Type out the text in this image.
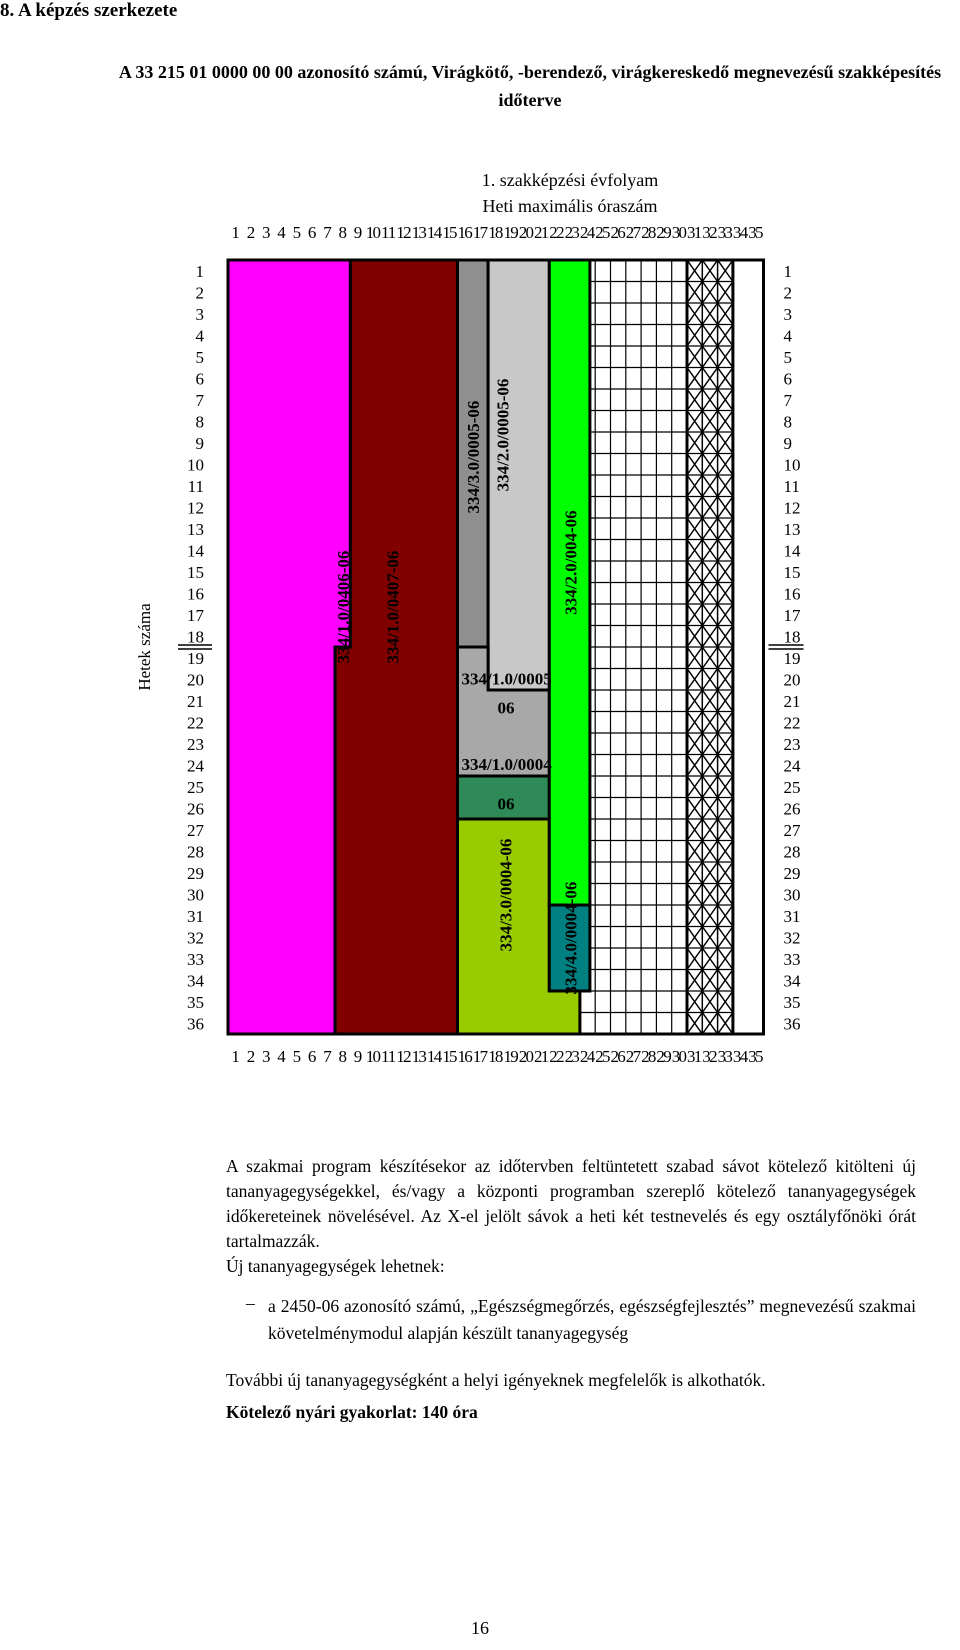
8. A képzés szerkezete
A 33 215 01 0000 00 00 azonosító számú, Virágkötő, -berendező, virágkereskedő megnevezésű szakképesítés időterve
1. szakképzési évfolyam
Heti maximális óraszám
334/1.0/0406-06 334/1.0/0407-06
334/3.0/0005-06 334/2.0/0005-06
334/2.0/004-06
334/3.0/0004-06	334/4.0/0004-06
334/1.0/0005
06
334/1.0/0004
06
1
1
2
2
3
3
4
4
5
5
6
6
7
7
8
8
9
9
10
10
11
11
12
12
13
13
14
14
15
15
16
16
17
17
18
18
19
19
20
20
21
21
22
22
23
23
24
24
25
25
26
26
27
27
28
28
29
29
30
30
31
31
32
32
33
33
34
34
35
35
1	1
2	2
3	3
4	4
5	5
6	6
7	7
8	8
9	9
10	10
11	11
12	12
13	13
14	14
15	15
16	16
17	17
18	18
19	19
20	20
21	21
22	22
23	23
24	24
25	25
26	26
27	27
28	28
29	29
30	30
31	31
32	32
33	33
34	34
35	35
36	36
Hetek száma
A szakmai program készítésekor az időtervben feltüntetett szabad sávot kötelező kitölteni új tananyagegységekkel, és/vagy a központi programban szereplő kötelező tananyagegységek időkereteinek növelésével. Az X-el jelölt sávok a heti két testnevelés és egy osztályfőnöki órát tartalmazzák.
Új tananyagegységek lehetnek:
– a 2450-06 azonosító számú, „Egészségmegőrzés, egészségfejlesztés” megnevezésű szakmai követelménymodul alapján készült tananyagegység
További új tananyagegységként a helyi igényeknek megfelelők is alkothatók.
Kötelező nyári gyakorlat: 140 óra
16
